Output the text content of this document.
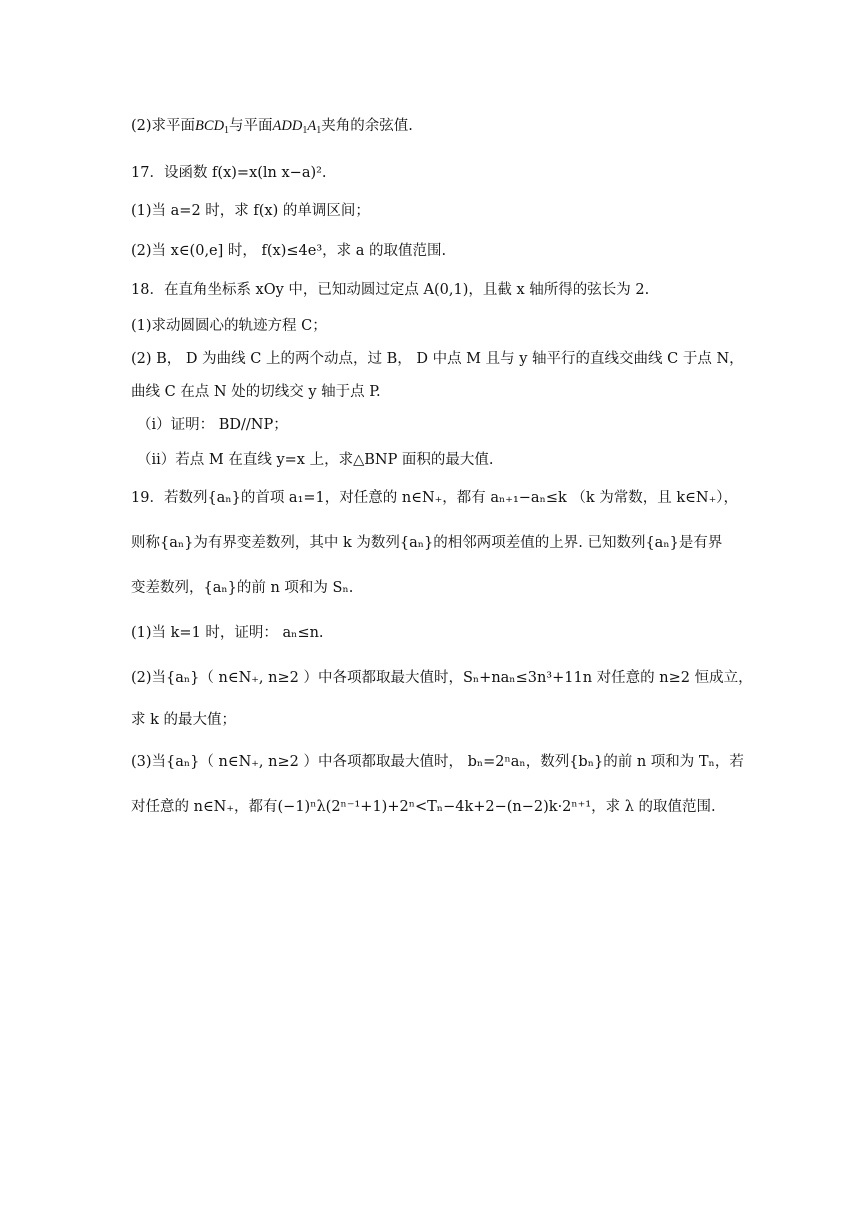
(2)求平面$BCD_1$与平面$ADD_1A_1$夹角的余弦值.
17．设函数 f(x)=x(ln x−a)².
(1)当 a=2 时，求 f(x) 的单调区间；
(2)当 x∈(0,e] 时， f(x)≤4e³，求 a 的取值范围.
18．在直角坐标系 xOy 中，已知动圆过定点 A(0,1)，且截 x 轴所得的弦长为 2.
(1)求动圆圆心的轨迹方程 C；
(2) B， D 为曲线 C 上的两个动点，过 B， D 中点 M 且与 y 轴平行的直线交曲线 C 于点 N，
曲线 C 在点 N 处的切线交 y 轴于点 P.
（i）证明： BD//NP；
（ii）若点 M 在直线 y=x 上，求△BNP 面积的最大值.
19．若数列{aₙ}的首项 a₁=1，对任意的 n∈N₊，都有 aₙ₊₁−aₙ≤k （k 为常数，且 k∈N₊），
则称{aₙ}为有界变差数列，其中 k 为数列{aₙ}的相邻两项差值的上界. 已知数列{aₙ}是有界
变差数列，{aₙ}的前 n 项和为 Sₙ.
(1)当 k=1 时，证明： aₙ≤n.
(2)当{aₙ}（ n∈N₊, n≥2 ）中各项都取最大值时，Sₙ+naₙ≤3n³+11n 对任意的 n≥2 恒成立，
求 k 的最大值；
(3)当{aₙ}（ n∈N₊, n≥2 ）中各项都取最大值时， bₙ=2ⁿaₙ，数列{bₙ}的前 n 项和为 Tₙ，若
对任意的 n∈N₊，都有(−1)ⁿλ(2ⁿ⁻¹+1)+2ⁿ<Tₙ−4k+2−(n−2)k·2ⁿ⁺¹，求 λ 的取值范围.
